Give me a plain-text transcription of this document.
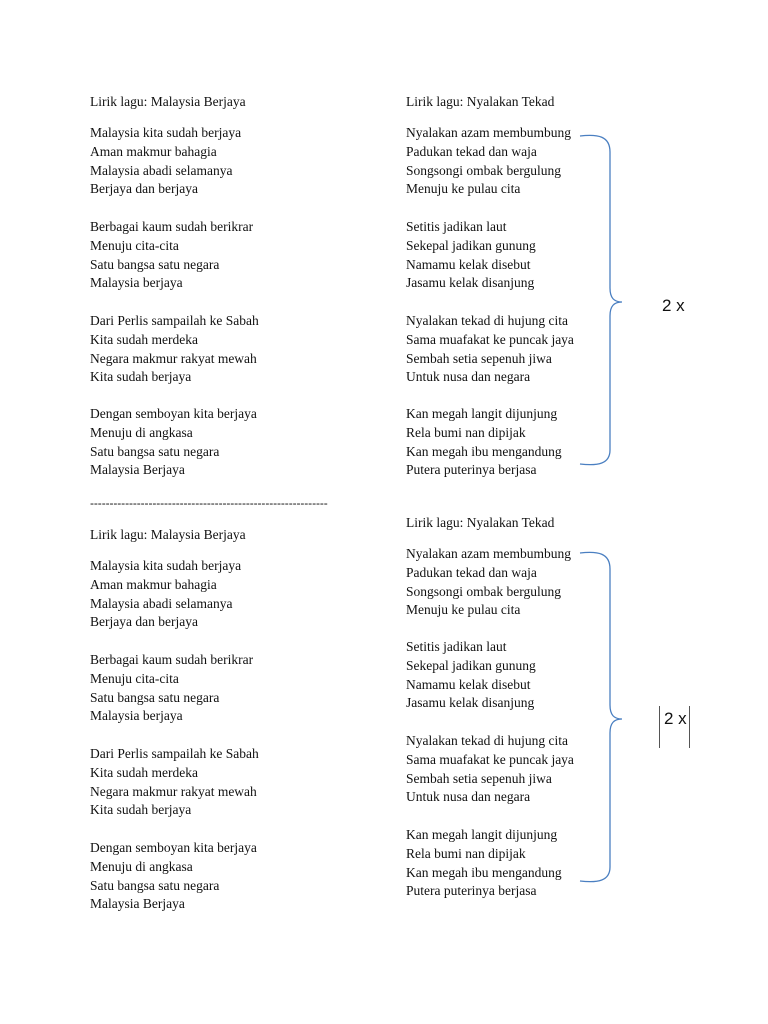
Lirik lagu: Malaysia Berjaya
Malaysia kita sudah berjaya
Aman makmur bahagia
Malaysia abadi selamanya
Berjaya dan berjaya
Berbagai kaum sudah berikrar
Menuju cita-cita
Satu bangsa satu negara
Malaysia berjaya
Dari Perlis sampailah ke Sabah
Kita sudah merdeka
Negara makmur rakyat mewah
Kita sudah berjaya
Dengan semboyan kita berjaya
Menuju di angkasa
Satu bangsa satu negara
Malaysia Berjaya
Lirik lagu: Nyalakan Tekad
Nyalakan azam membumbung
Padukan tekad dan waja
Songsongi ombak bergulung
Menuju ke pulau cita
Setitis jadikan laut
Sekepal jadikan gunung
Namamu kelak disebut
Jasamu kelak disanjung
Nyalakan tekad di hujung cita
Sama muafakat ke puncak jaya
Sembah setia sepenuh jiwa
Untuk nusa dan negara
Kan megah langit dijunjung
Rela bumi nan dipijak
Kan megah ibu mengandung
Putera puterinya berjasa
2 x
-------------------------------------------------------------
Lirik lagu: Malaysia Berjaya
Malaysia kita sudah berjaya
Aman makmur bahagia
Malaysia abadi selamanya
Berjaya dan berjaya
Berbagai kaum sudah berikrar
Menuju cita-cita
Satu bangsa satu negara
Malaysia berjaya
Dari Perlis sampailah ke Sabah
Kita sudah merdeka
Negara makmur rakyat mewah
Kita sudah berjaya
Dengan semboyan kita berjaya
Menuju di angkasa
Satu bangsa satu negara
Malaysia Berjaya
Lirik lagu: Nyalakan Tekad
Nyalakan azam membumbung
Padukan tekad dan waja
Songsongi ombak bergulung
Menuju ke pulau cita
Setitis jadikan laut
Sekepal jadikan gunung
Namamu kelak disebut
Jasamu kelak disanjung
Nyalakan tekad di hujung cita
Sama muafakat ke puncak jaya
Sembah setia sepenuh jiwa
Untuk nusa dan negara
Kan megah langit dijunjung
Rela bumi nan dipijak
Kan megah ibu mengandung
Putera puterinya berjasa
2 x
